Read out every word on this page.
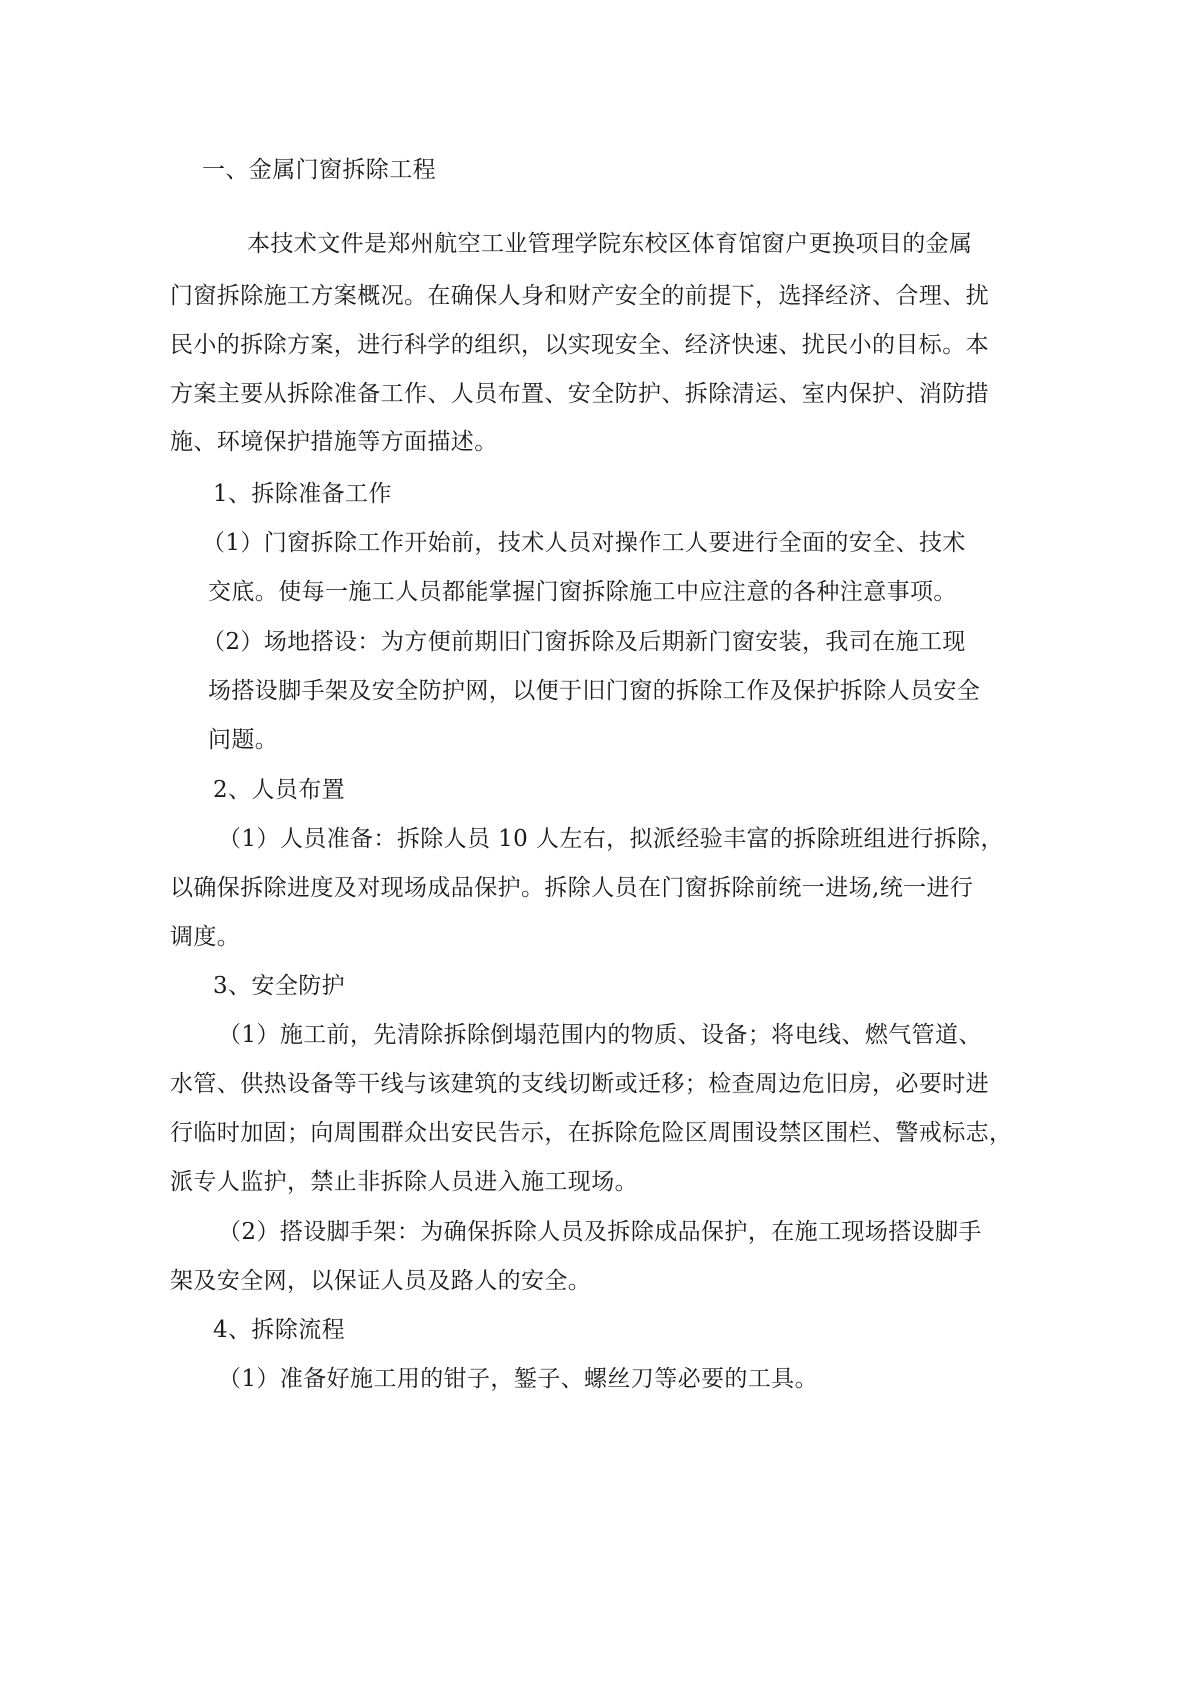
一、金属门窗拆除工程
本技术文件是郑州航空工业管理学院东校区体育馆窗户更换项目的金属
门窗拆除施工方案概况。在确保人身和财产安全的前提下，选择经济、合理、扰
民小的拆除方案，进行科学的组织，以实现安全、经济快速、扰民小的目标。本
方案主要从拆除准备工作、人员布置、安全防护、拆除清运、室内保护、消防措
施、环境保护措施等方面描述。
1、拆除准备工作
（1）门窗拆除工作开始前，技术人员对操作工人要进行全面的安全、技术
交底。使每一施工人员都能掌握门窗拆除施工中应注意的各种注意事项。
（2）场地搭设：为方便前期旧门窗拆除及后期新门窗安装，我司在施工现
场搭设脚手架及安全防护网，以便于旧门窗的拆除工作及保护拆除人员安全
问题。
2、人员布置
（1）人员准备：拆除人员 10 人左右，拟派经验丰富的拆除班组进行拆除，
以确保拆除进度及对现场成品保护。拆除人员在门窗拆除前统一进场,统一进行
调度。
3、安全防护
（1）施工前，先清除拆除倒塌范围内的物质、设备；将电线、燃气管道、
水管、供热设备等干线与该建筑的支线切断或迁移；检查周边危旧房，必要时进
行临时加固；向周围群众出安民告示，在拆除危险区周围设禁区围栏、警戒标志，
派专人监护，禁止非拆除人员进入施工现场。
（2）搭设脚手架：为确保拆除人员及拆除成品保护，在施工现场搭设脚手
架及安全网，以保证人员及路人的安全。
4、拆除流程
（1）准备好施工用的钳子，錾子、螺丝刀等必要的工具。
